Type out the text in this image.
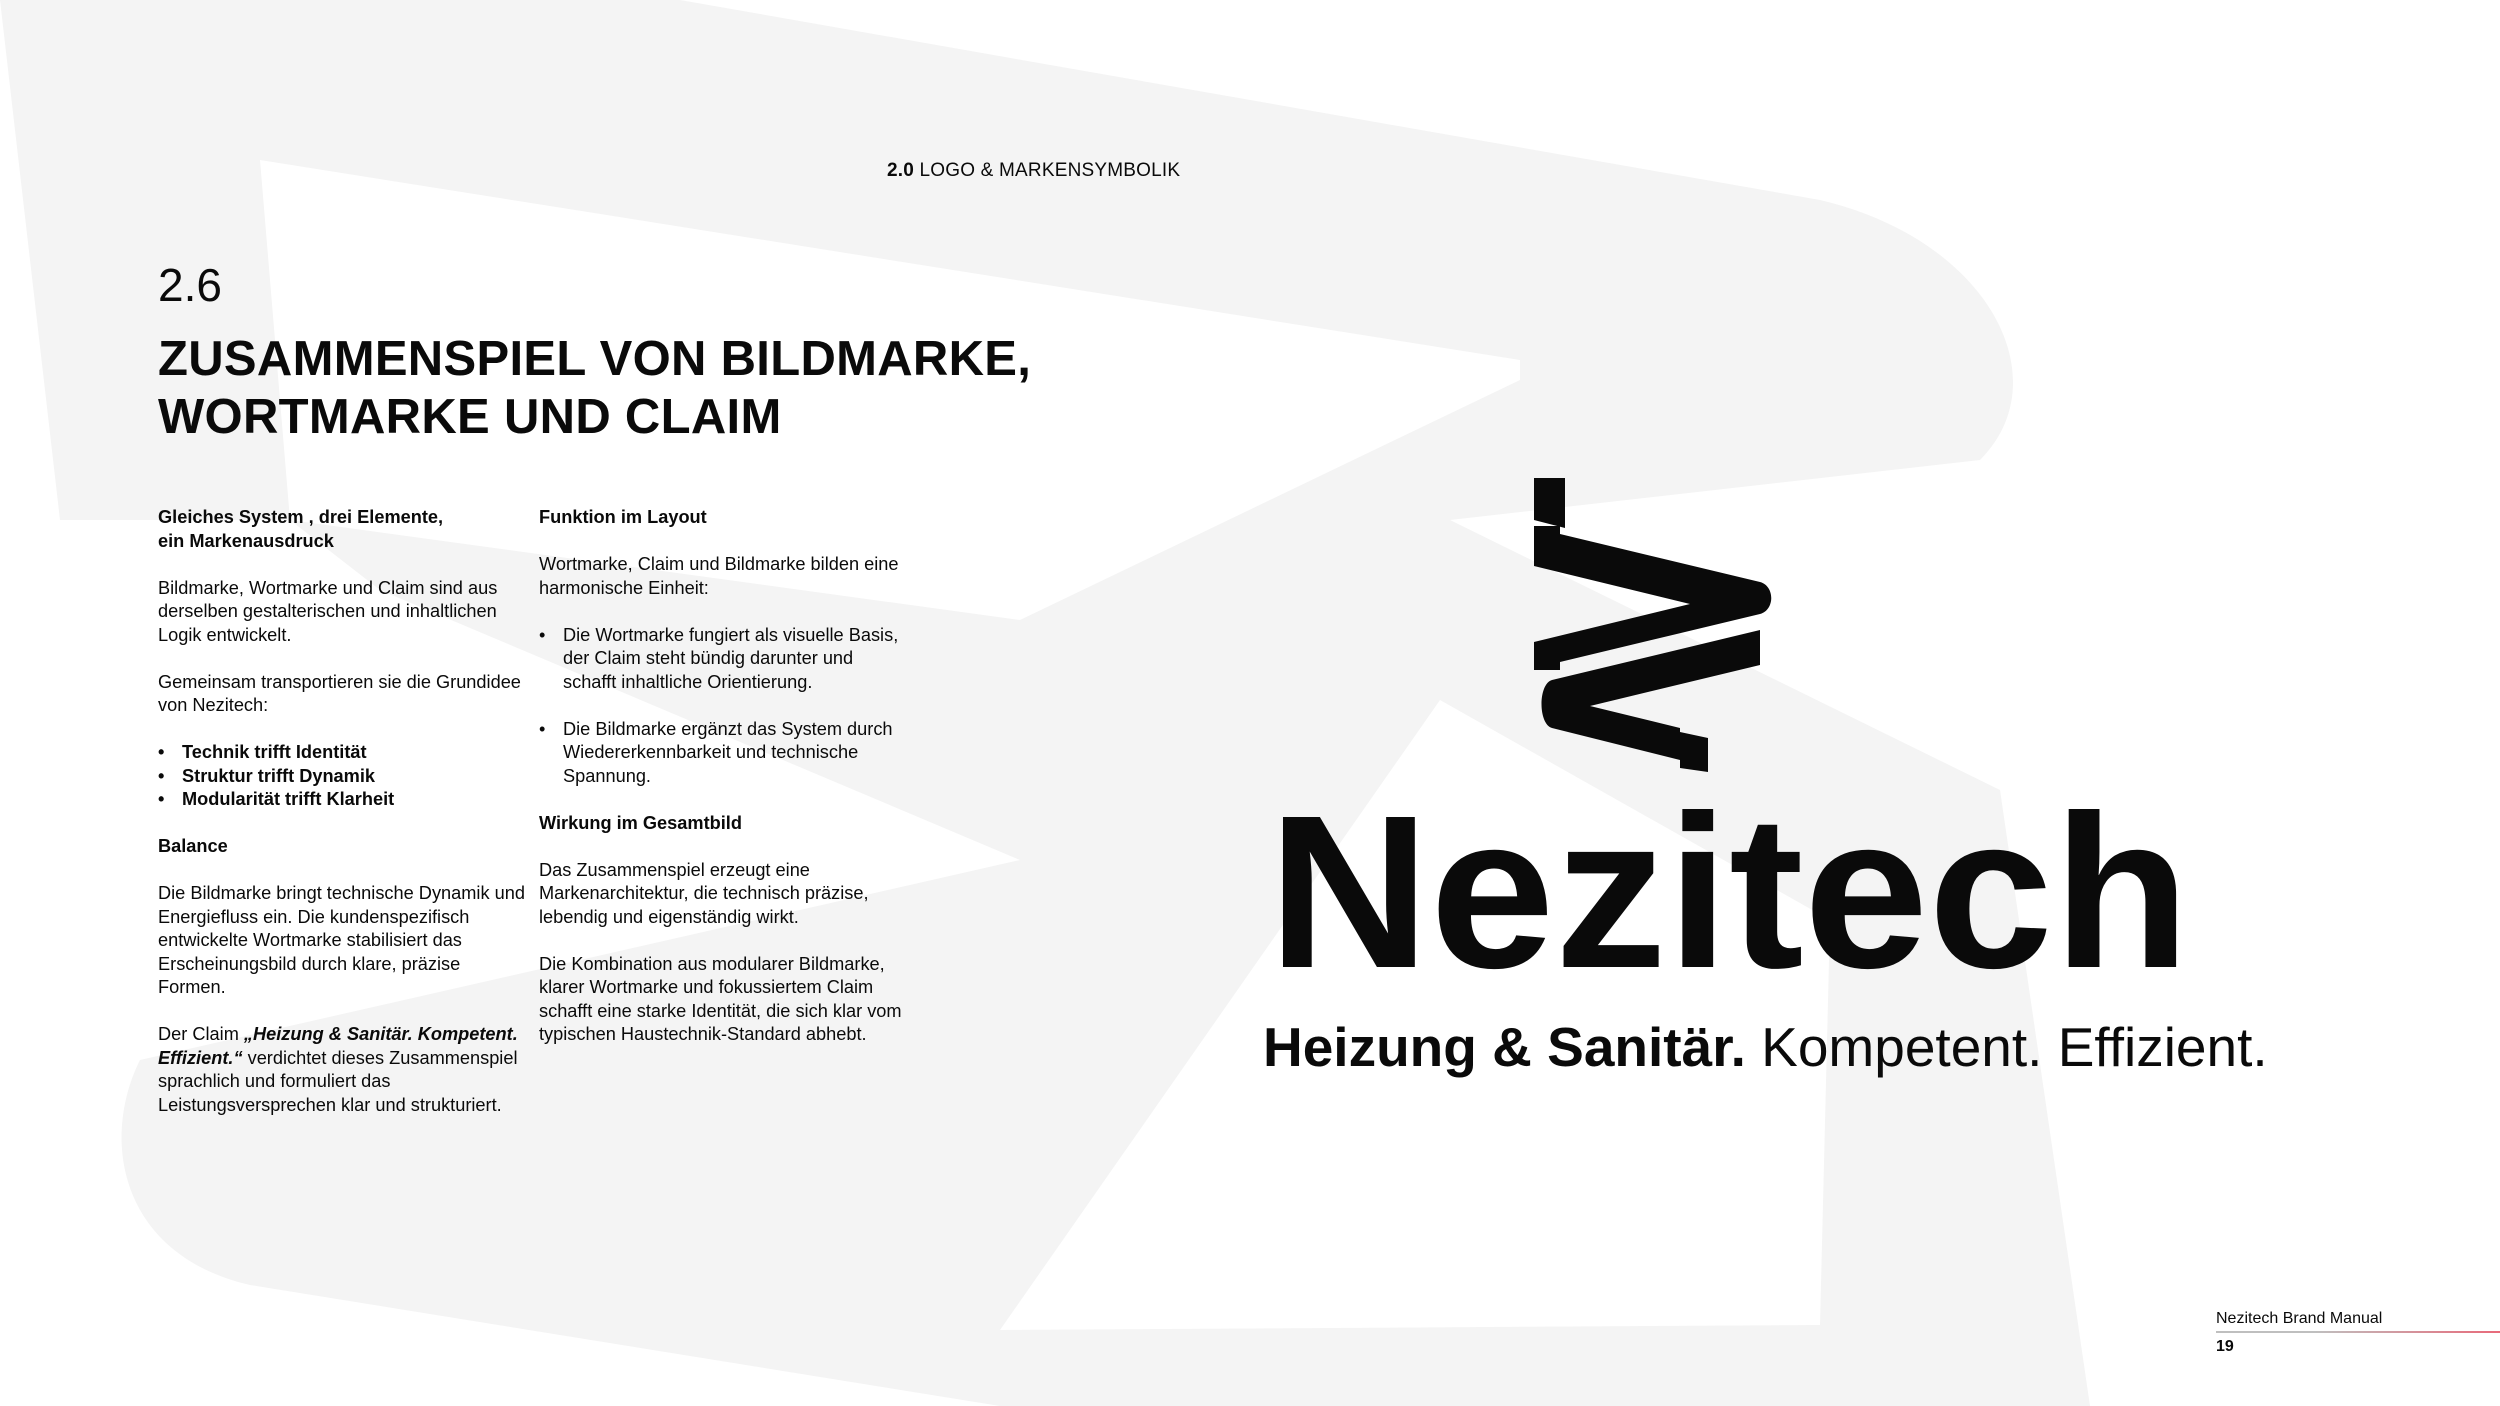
2.0 LOGO & MARKENSYMBOLIK
2.6
ZUSAMMENSPIEL VON BILDMARKE,
WORTMARKE UND CLAIM
Gleiches System , drei Elemente,
ein Markenausdruck

Bildmarke, Wortmarke und Claim sind aus derselben gestalterischen und inhaltlichen Logik entwickelt.

Gemeinsam transportieren sie die Grundidee von Nezitech:

• Technik trifft Identität
• Struktur trifft Dynamik
• Modularität trifft Klarheit
Balance

Die Bildmarke bringt technische Dynamik und Energiefluss ein. Die kundenspezifisch entwickelte Wortmarke stabilisiert das Erscheinungsbild durch klare, präzise Formen.

Der Claim „Heizung & Sanitär. Kompetent. Effizient.“ verdichtet dieses Zusammenspiel sprachlich und formuliert das Leistungsversprechen klar und strukturiert.

Funktion im Layout

Wortmarke, Claim und Bildmarke bilden eine harmonische Einheit:

• Die Wortmarke fungiert als visuelle Basis, der Claim steht bündig darunter und schafft inhaltliche Orientierung.
• Die Bildmarke ergänzt das System durch Wiedererkennbarkeit und technische Spannung.
Wirkung im Gesamtbild

Das Zusammenspiel erzeugt eine Markenarchitektur, die technisch präzise, lebendig und eigenständig wirkt.

Die Kombination aus modularer Bildmarke, klarer Wortmarke und fokussiertem Claim schafft eine starke Identität, die sich klar vom typischen Haustechnik-Standard abhebt.

Nezitech
Heizung & Sanitär. Kompetent. Effizient.
Nezitech Brand Manual
19
